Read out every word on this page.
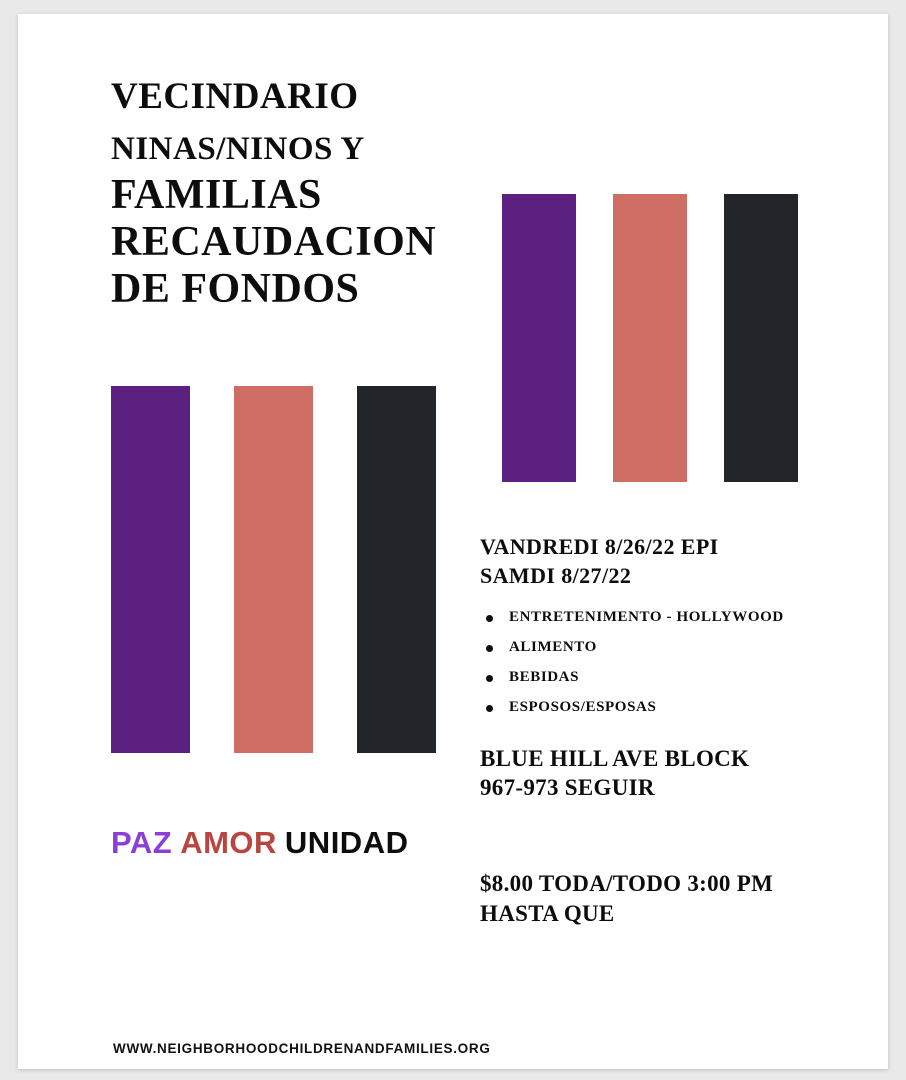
VECINDARIO
NINAS/NINOS Y
FAMILIAS
RECAUDACION
DE FONDOS
PAZ AMOR UNIDAD
VANDREDI 8/26/22 EPI
SAMDI 8/27/22
ENTRETENIMENTO - HOLLYWOOD
ALIMENTO
BEBIDAS
ESPOSOS/ESPOSAS
BLUE HILL AVE BLOCK
967-973 SEGUIR
$8.00 TODA/TODO 3:00 PM
HASTA QUE
WWW.NEIGHBORHOODCHILDRENANDFAMILIES.ORG
